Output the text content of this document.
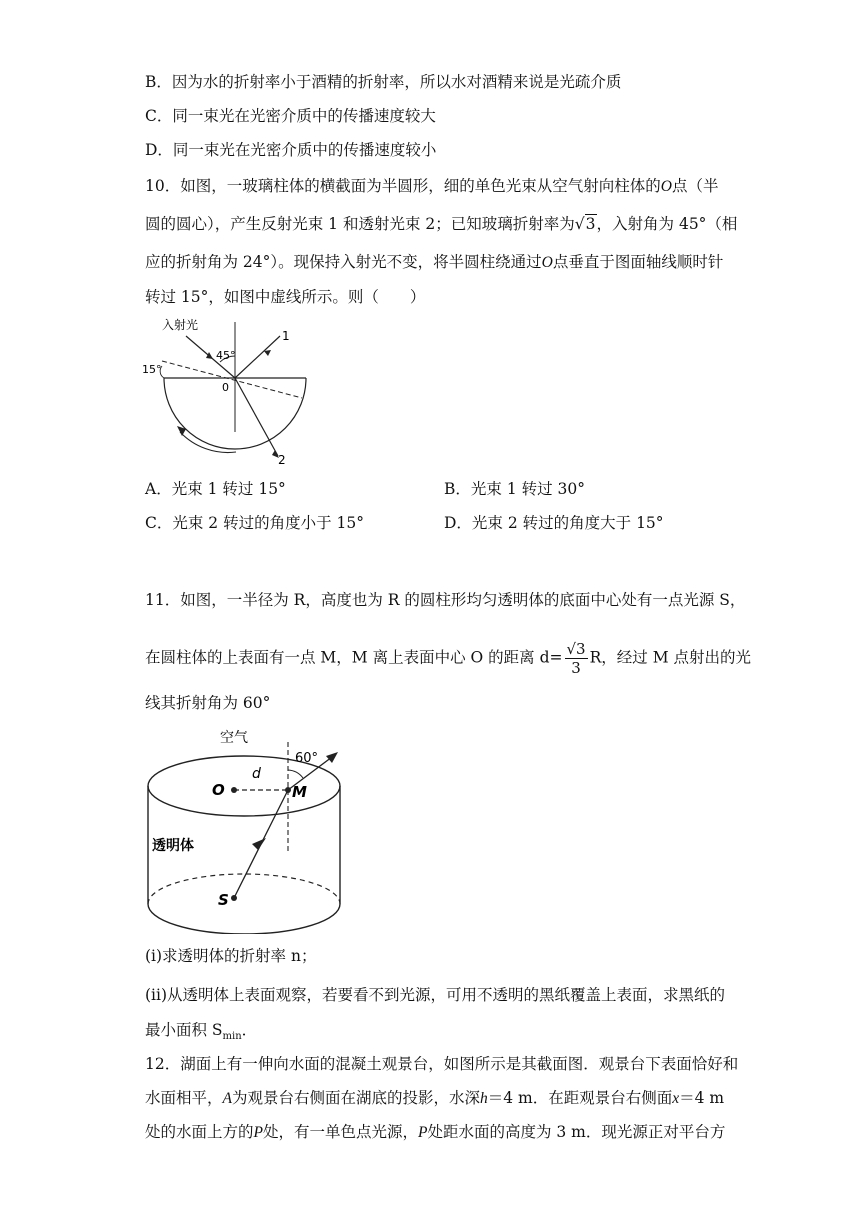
B．因为水的折射率小于酒精的折射率，所以水对酒精来说是光疏介质
C．同一束光在光密介质中的传播速度较大
D．同一束光在光密介质中的传播速度较小
10．如图，一玻璃柱体的横截面为半圆形，细的单色光束从空气射向柱体的O点（半
圆的圆心），产生反射光束 1 和透射光束 2；已知玻璃折射率为√3，入射角为 45°（相
应的折射角为 24°）。现保持入射光不变，将半圆柱绕通过O点垂直于图面轴线顺时针
转过 15°，如图中虚线所示。则（　　）
入射光
1
2
45°
15°
0
A．光束 1 转过 15°	B．光束 1 转过 30°
C．光束 2 转过的角度小于 15°	D．光束 2 转过的角度大于 15°
11．如图，一半径为 R，高度也为 R 的圆柱形均匀透明体的底面中心处有一点光源 S，
在圆柱体的上表面有一点 M，M 离上表面中心 O 的距离 $d= \frac{√3}{3}$ R，经过 M 点射出的光
线其折射角为 60°
空气
60°
d
O	M
S
透明体
(i)求透明体的折射率 n；
(ii)从透明体上表面观察，若要看不到光源，可用不透明的黑纸覆盖上表面，求黑纸的
最小面积 $S_{min}$．
12．湖面上有一伸向水面的混凝土观景台，如图所示是其截面图．观景台下表面恰好和
水面相平，A为观景台右侧面在湖底的投影，水深h＝4 m．在距观景台右侧面x＝4 m
处的水面上方的P处，有一单色点光源，P处距水面的高度为 3 m．现光源正对平台方
